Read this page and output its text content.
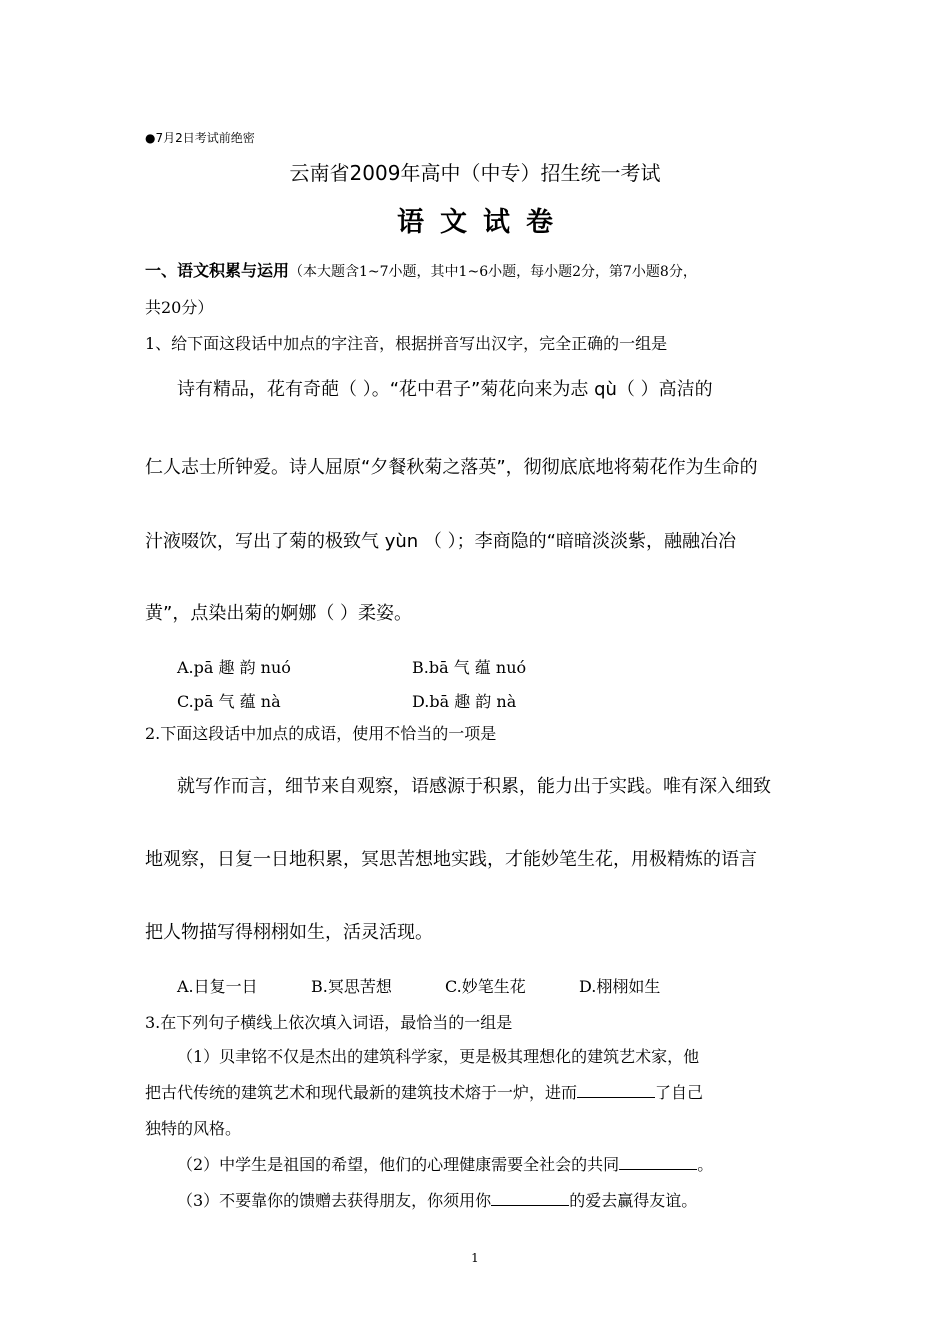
●7月2日考试前绝密
云南省2009年高中（中专）招生统一考试
语文试卷
一、语文积累与运用（本大题含1~7小题，其中1~6小题，每小题2分，第7小题8分，
共20分）
1、给下面这段话中加点的字注音，根据拼音写出汉字，完全正确的一组是
诗有精品，花有奇葩（ ）。“花中君子”菊花向来为志 qù（ ）高洁的
仁人志士所钟爱。诗人屈原“夕餐秋菊之落英”，彻彻底底地将菊花作为生命的
汁液啜饮，写出了菊的极致气 yùn （ ）；李商隐的“暗暗淡淡紫，融融冶冶
黄”，点染出菊的婀娜（ ）柔姿。
A.pā 趣 韵 nuó	B.bā 气 蕴 nuó
C.pā 气 蕴 nà	D.bā 趣 韵 nà
2.下面这段话中加点的成语，使用不恰当的一项是
就写作而言，细节来自观察，语感源于积累，能力出于实践。唯有深入细致
地观察，日复一日地积累，冥思苦想地实践，才能妙笔生花，用极精炼的语言
把人物描写得栩栩如生，活灵活现。
A.日复一日	B.冥思苦想	C.妙笔生花	D.栩栩如生
3.在下列句子横线上依次填入词语，最恰当的一组是
（1）贝聿铭不仅是杰出的建筑科学家，更是极其理想化的建筑艺术家，他
把古代传统的建筑艺术和现代最新的建筑技术熔于一炉，进而	了自己
独特的风格。
（2）中学生是祖国的希望，他们的心理健康需要全社会的共同	。
（3）不要靠你的馈赠去获得朋友，你须用你	的爱去赢得友谊。
1
